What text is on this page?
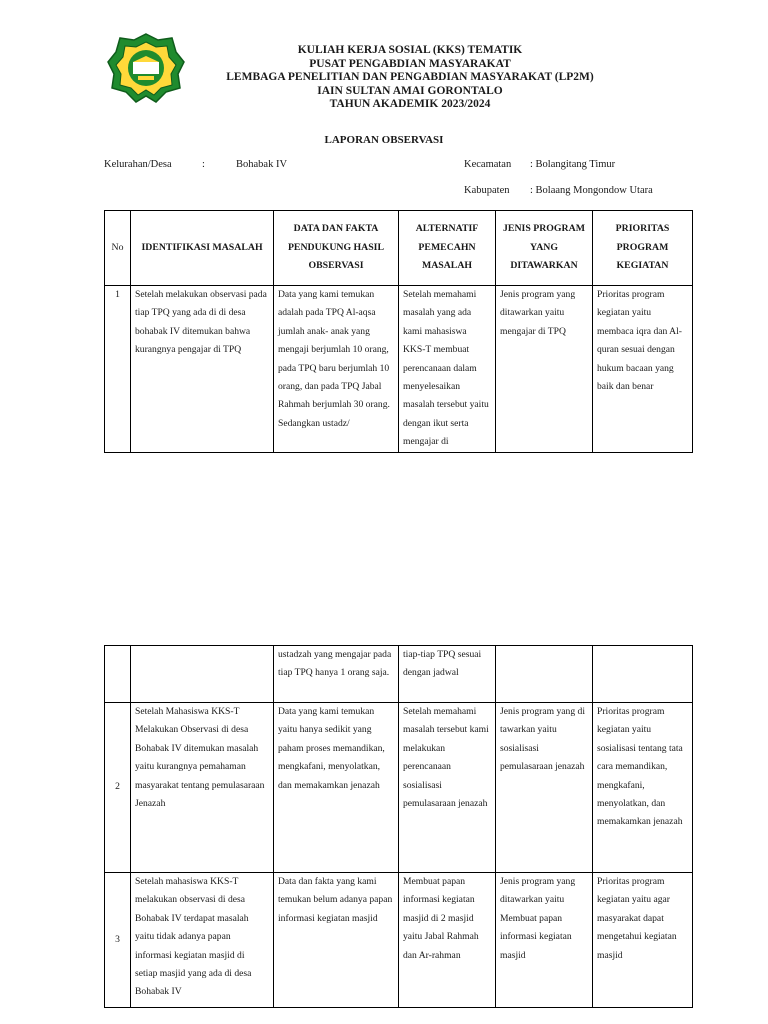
KULIAH KERJA SOSIAL (KKS) TEMATIK
PUSAT PENGABDIAN MASYARAKAT
LEMBAGA PENELITIAN DAN PENGABDIAN MASYARAKAT (LP2M)
IAIN SULTAN AMAI GORONTALO
TAHUN AKADEMIK 2023/2024
LAPORAN OBSERVASI
Kelurahan/Desa	:	Bohabak IV	Kecamatan : Bolangitang Timur
Kabupaten : Bolaang Mongondow Utara
No	IDENTIFIKASI MASALAH	DATA DAN FAKTA PENDUKUNG HASIL OBSERVASI	ALTERNATIF PEMECAHN MASALAH	JENIS PROGRAM YANG DITAWARKAN	PRIORITAS PROGRAM KEGIATAN
1	Setelah melakukan observasi pada tiap TPQ yang ada di di desa bohabak IV ditemukan bahwa kurangnya pengajar di TPQ	Data yang kami temukan adalah pada TPQ Al-aqsa jumlah anak- anak yang mengaji berjumlah 10 orang, pada TPQ baru berjumlah 10 orang, dan pada TPQ Jabal Rahmah berjumlah 30 orang. Sedangkan ustadz/	Setelah memahami masalah yang ada kami mahasiswa KKS-T membuat perencanaan dalam menyelesaikan masalah tersebut yaitu dengan ikut serta mengajar di	Jenis program yang ditawarkan yaitu mengajar di TPQ	Prioritas program kegiatan yaitu membaca iqra dan Al-quran sesuai dengan hukum bacaan yang baik dan benar
		ustadzah yang mengajar pada tiap TPQ hanya 1 orang saja.	tiap-tiap TPQ sesuai dengan jadwal		
2	Setelah Mahasiswa KKS-T Melakukan Observasi di desa Bohabak IV ditemukan masalah yaitu kurangnya pemahaman masyarakat tentang pemulasaraan Jenazah	Data yang kami temukan yaitu hanya sedikit yang paham proses memandikan, mengkafani, menyolatkan, dan memakamkan jenazah	Setelah memahami masalah tersebut kami melakukan perencanaan sosialisasi pemulasaraan jenazah	Jenis program yang di tawarkan yaitu sosialisasi pemulasaraan jenazah	Prioritas program kegiatan yaitu sosialisasi tentang tata cara memandikan, mengkafani, menyolatkan, dan memakamkan jenazah
3	Setelah mahasiswa KKS-T melakukan observasi di desa Bohabak IV terdapat masalah yaitu tidak adanya papan informasi kegiatan masjid di setiap masjid yang ada di desa Bohabak IV	Data dan fakta yang kami temukan belum adanya papan informasi kegiatan masjid	Membuat papan informasi kegiatan masjid di 2 masjid yaitu Jabal Rahmah dan Ar-rahman	Jenis program yang ditawarkan yaitu Membuat papan informasi kegiatan masjid	Prioritas program kegiatan yaitu agar masyarakat dapat mengetahui kegiatan masjid
